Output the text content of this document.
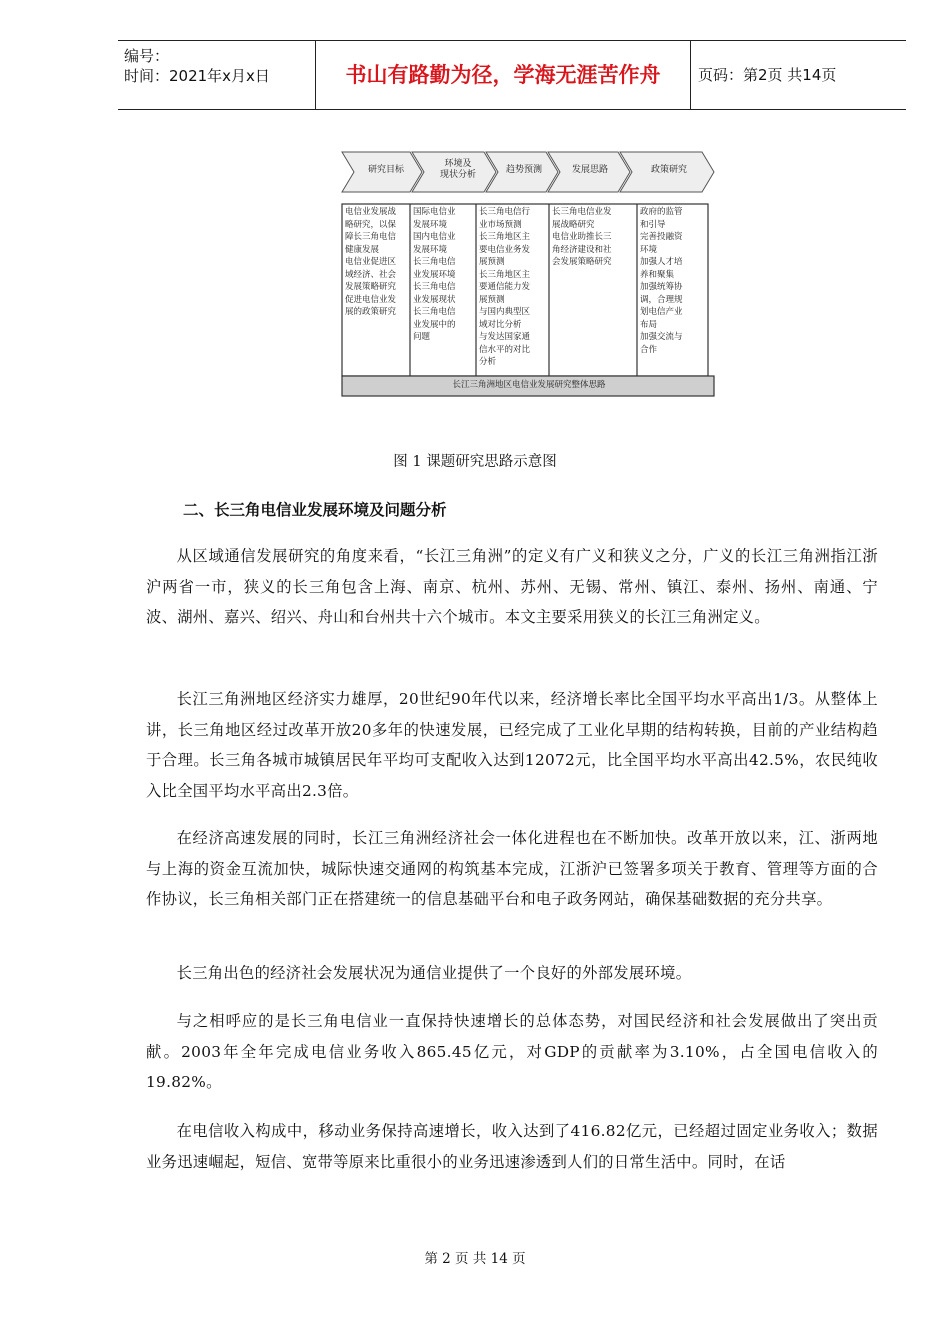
编号：
时间：2021年x月x日	书山有路勤为径，学海无涯苦作舟	页码：第2页 共14页
研究目标
环境及
现状分析	趋势预测	发展思路	政策研究
电信业发展战
略研究，以保
障长三角电信
健康发展
电信业促进区
域经济、社会
发展策略研究
促进电信业发
展的政策研究
国际电信业
发展环境
国内电信业
发展环境
长三角电信
业发展环境
长三角电信
业发展现状
长三角电信
业发展中的
问题
长三角电信行
业市场预测
长三角地区主
要电信业务发
展预测
长三角地区主
要通信能力发
展预测
与国内典型区
域对比分析
与发达国家通
信水平的对比
分析
长三角电信业发
展战略研究
电信业助推长三
角经济建设和社
会发展策略研究
政府的监管
和引导
完善投融资
环境
加强人才培
养和聚集
加强统筹协
调，合理规
划电信产业
布局
加强交流与
合作
长江三角洲地区电信业发展研究整体思路
图 1 课题研究思路示意图
二、长三角电信业发展环境及问题分析
从区域通信发展研究的角度来看，“长江三角洲”的定义有广义和狭义之分，广义的长江三角洲指江浙沪两省一市，狭义的长三角包含上海、南京、杭州、苏州、无锡、常州、镇江、泰州、扬州、南通、宁波、湖州、嘉兴、绍兴、舟山和台州共十六个城市。本文主要采用狭义的长江三角洲定义。
长江三角洲地区经济实力雄厚，20世纪90年代以来，经济增长率比全国平均水平高出1/3。从整体上讲，长三角地区经过改革开放20多年的快速发展，已经完成了工业化早期的结构转换，目前的产业结构趋于合理。长三角各城市城镇居民年平均可支配收入达到12072元，比全国平均水平高出42.5%，农民纯收入比全国平均水平高出2.3倍。
在经济高速发展的同时，长江三角洲经济社会一体化进程也在不断加快。改革开放以来，江、浙两地与上海的资金互流加快，城际快速交通网的构筑基本完成，江浙沪已签署多项关于教育、管理等方面的合作协议，长三角相关部门正在搭建统一的信息基础平台和电子政务网站，确保基础数据的充分共享。
长三角出色的经济社会发展状况为通信业提供了一个良好的外部发展环境。
与之相呼应的是长三角电信业一直保持快速增长的总体态势，对国民经济和社会发展做出了突出贡献。2003年全年完成电信业务收入865.45亿元，对GDP的贡献率为3.10%，占全国电信收入的19.82%。
在电信收入构成中，移动业务保持高速增长，收入达到了416.82亿元，已经超过固定业务收入；数据业务迅速崛起，短信、宽带等原来比重很小的业务迅速渗透到人们的日常生活中。同时，在话
第 2 页 共 14 页
